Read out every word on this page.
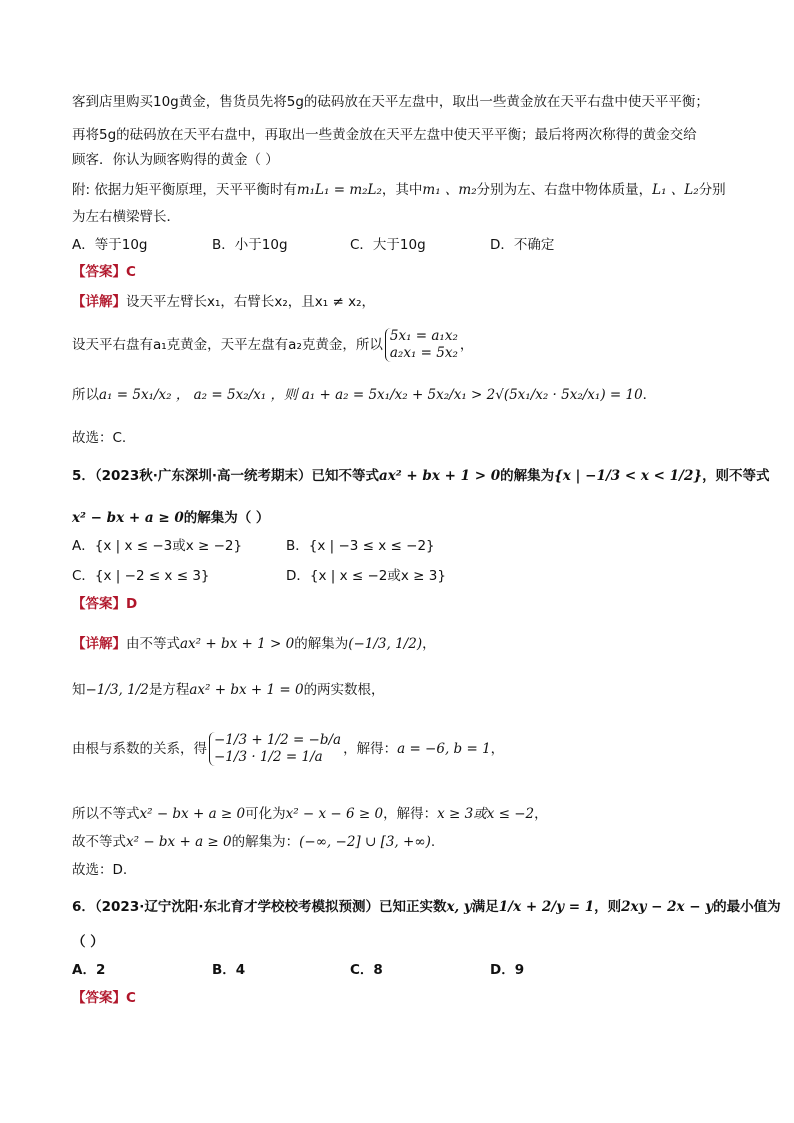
客到店里购买10g黄金，售货员先将5g的砝码放在天平左盘中，取出一些黄金放在天平右盘中使天平平衡；
再将5g的砝码放在天平右盘中，再取出一些黄金放在天平左盘中使天平平衡；最后将两次称得的黄金交给
顾客．你认为顾客购得的黄金（ ）
附: 依据力矩平衡原理，天平平衡时有m₁L₁ = m₂L₂，其中m₁ 、m₂分别为左、右盘中物体质量，L₁ 、L₂分别
为左右横梁臂长．
A．等于10g	B．小于10g	C．大于10g	D．不确定
【答案】C
【详解】设天平左臂长x₁，右臂长x₂，且x₁ ≠ x₂，
设天平右盘有a₁克黄金，天平左盘有a₂克黄金，所以
5x₁ = a₁x₂
a₂x₁ = 5x₂ ，
所以a₁ = 5x₁/x₂ ， a₂ = 5x₂/x₁ ，则 a₁ + a₂ = 5x₁/x₂ + 5x₂/x₁ > 2√(5x₁/x₂ · 5x₂/x₁) = 10．
故选：C.
5．（2023秋·广东深圳·高一统考期末）已知不等式ax² + bx + 1 > 0的解集为{x | −1/3 < x < 1/2}，则不等式
x² − bx + a ≥ 0的解集为（ ）
A．{x | x ≤ −3或x ≥ −2}	B．{x | −3 ≤ x ≤ −2}
C．{x | −2 ≤ x ≤ 3}	D．{x | x ≤ −2或x ≥ 3}
【答案】D
【详解】由不等式ax² + bx + 1 > 0的解集为(−1/3, 1/2)，
知−1/3, 1/2是方程ax² + bx + 1 = 0的两实数根，
由根与系数的关系，得
−1/3 + 1/2 = −b/a
−1/3 · 1/2 = 1/a	，解得：a = −6, b = 1，
所以不等式x² − bx + a ≥ 0可化为x² − x − 6 ≥ 0，解得：x ≥ 3或x ≤ −2，
故不等式x² − bx + a ≥ 0的解集为：(−∞, −2] ∪ [3, +∞).
故选：D.
6．（2023·辽宁沈阳·东北育才学校校考模拟预测）已知正实数x, y满足1/x + 2/y = 1，则2xy − 2x − y的最小值为
（ ）
A．2	B．4	C．8	D．9
【答案】C
